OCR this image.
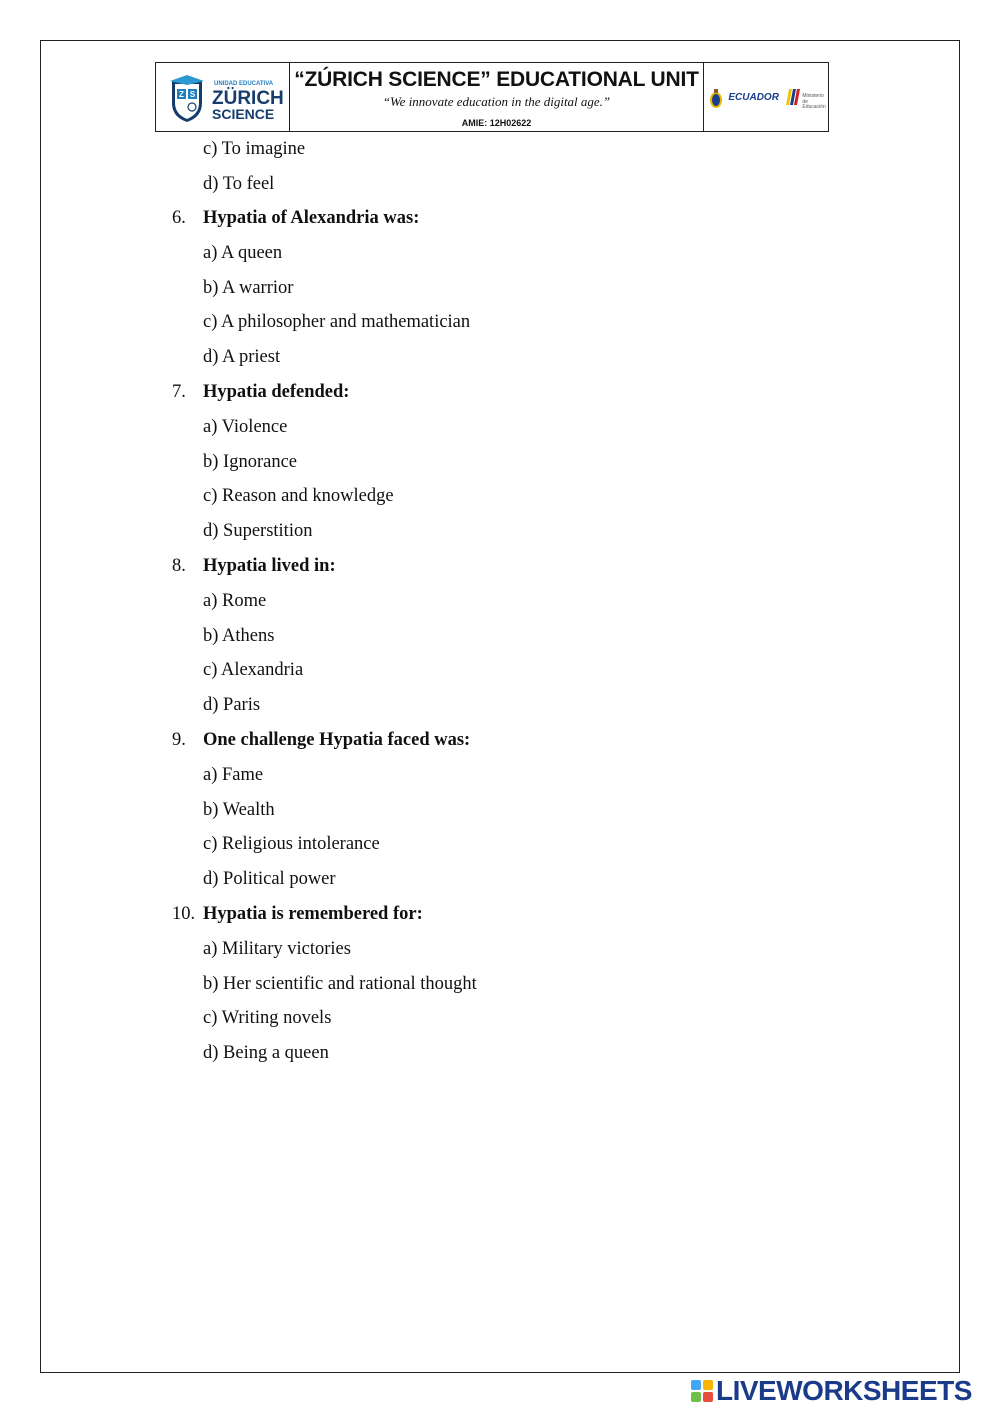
Z S
UNIDAD EDUCATIVA
ZÜRICH
SCIENCE
“ZÚRICH SCIENCE” EDUCATIONAL UNIT
“We innovate education in the digital age.”
AMIE: 12H02622
ECUADOR	Ministerio
de Educación
c) To imagine
d) To feel
6. Hypatia of Alexandria was:
a) A queen
b) A warrior
c) A philosopher and mathematician
d) A priest
7. Hypatia defended:
a) Violence
b) Ignorance
c) Reason and knowledge
d) Superstition
8. Hypatia lived in:
a) Rome
b) Athens
c) Alexandria
d) Paris
9. One challenge Hypatia faced was:
a) Fame
b) Wealth
c) Religious intolerance
d) Political power
10. Hypatia is remembered for:
a) Military victories
b) Her scientific and rational thought
c) Writing novels
d) Being a queen
LIVEWORKSHEETS
